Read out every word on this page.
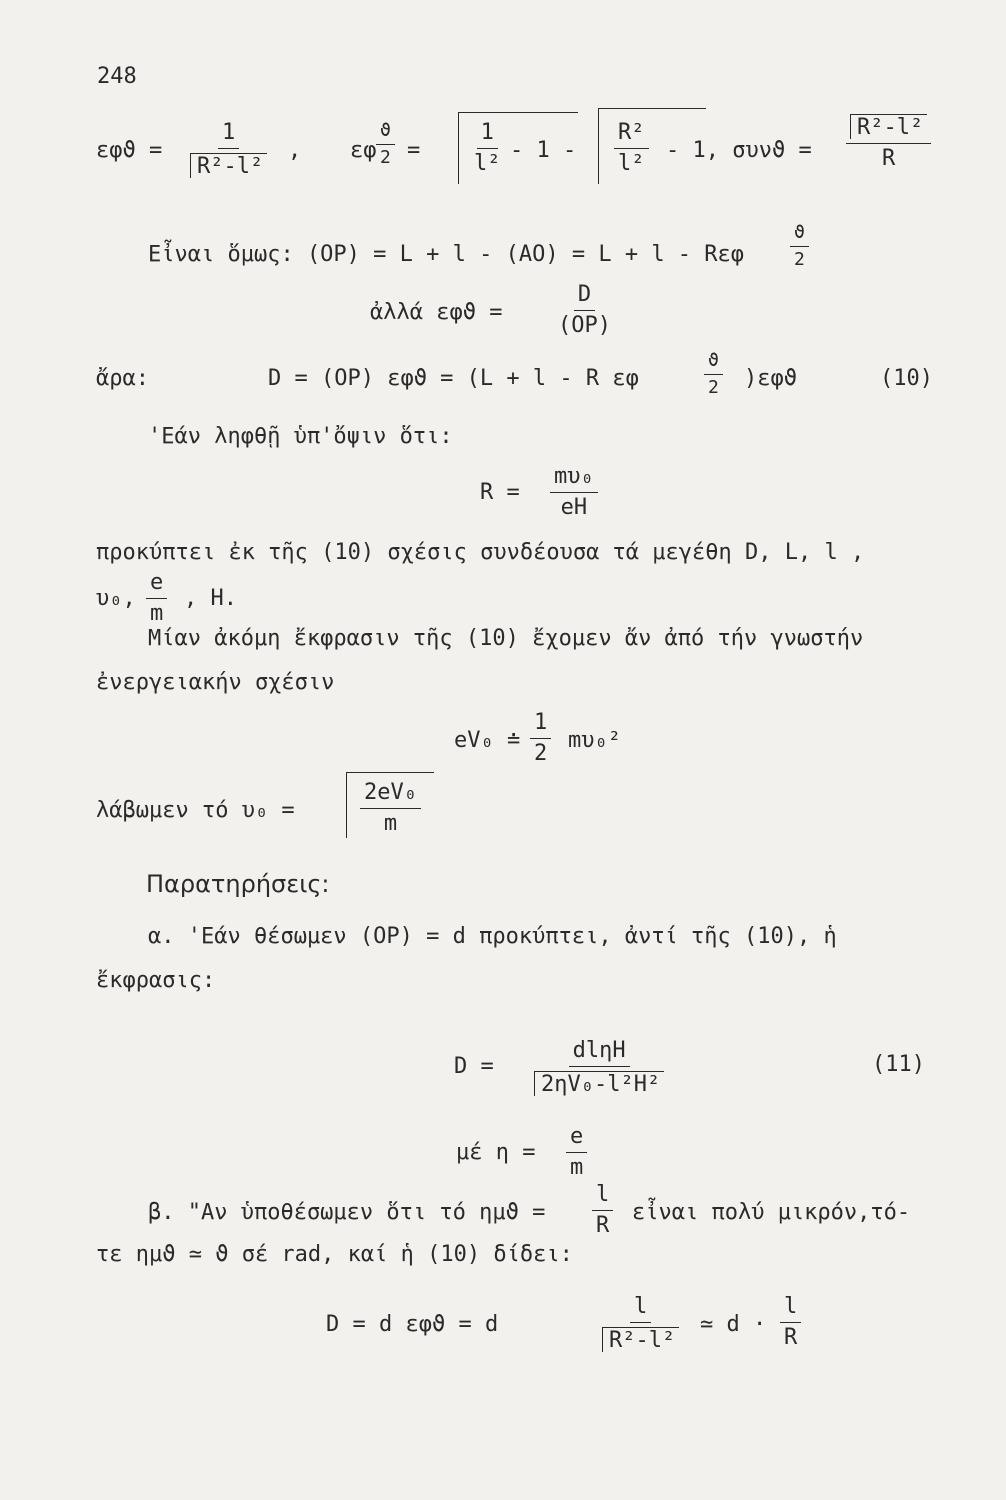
248
$\varepsilon\varphi ϑ = \frac{1}{\text{R²-l²}}$ , εφ $\frac{ϑ}{2} = \frac{1}{\text{l²}} - 1 - \frac{\text{R²}}{\text{l²}} - 1$, $\sigma\upsilon\nu ϑ = \frac{\text{R²-l²}}{R}$
Εἶναι ὅμως: (OP) = L + l - (AO) = L + l - Rεφ	$\frac{ϑ}{2}$
ἀλλά $\varepsilon\varphi ϑ = \frac{D}{(OP)}$
ἄρα:	D = (OP) εφϑ = (L + l - R εφ	$\frac{ϑ}{2} )\varepsilon\varphi ϑ$	(10)
'Εάν ληφθῇ ὑπ'ὄψιν ὅτι:
$R = \frac{\text{mυ₀}}{eH}$
προκύπτει ἐκ τῆς (10) σχέσις συνδέουσα τά μεγέθη D, L, l ,
υ₀, $\frac{e}{m}$ , H.
Μίαν ἀκόμη ἔκφρασιν τῆς (10) ἔχομεν ἄν ἀπό τήν γνωστήν
ἐνεργειακήν σχέσιν
eV₀ ≐ $\frac{1}{2} m\upsilon_0^2$
λάβωμεν τό υ₀ =	$\frac{\text{2eV₀}}{m}$
Παρατηρήσεις:
α. 'Εάν θέσωμεν (OP) = d προκύπτει, ἀντί τῆς (10), ἡ
ἔκφρασις:
D =
dlηH
2ηV₀-l²H²
(11)
μέ $\eta = \frac{e}{m}$
β. "Αν ὑποθέσωμεν ὅτι τό $\eta\mu ϑ = \frac{l}{R}$ εἶναι πολύ μικρόν,τό-
τε ημϑ ≃ ϑ σέ rad, καί ἡ (10) δίδει:
D = d εφϑ = d	$\frac{l}{\text{R²-l²}}$ ≃ $d \cdot \frac{l}{R}$
